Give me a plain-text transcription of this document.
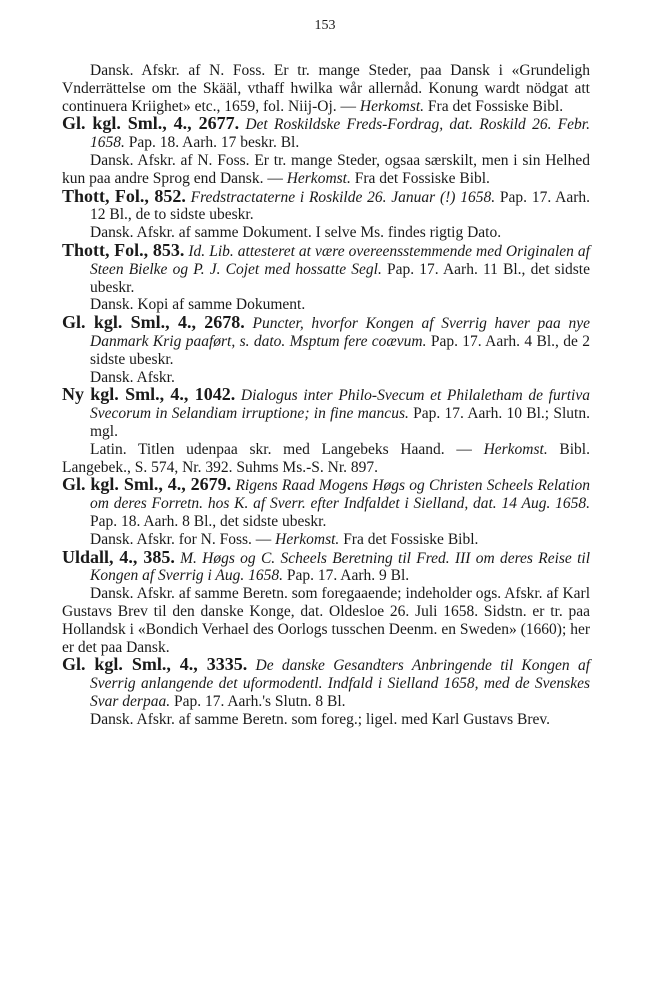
153

Dansk. Afskr. af N. Foss. Er tr. mange Steder, paa Dansk i «Grundeligh Vnderrättelse om the Skääl, vthaff hwilka wår allernåd. Konung wardt nödgat att continuera Kriighet» etc., 1659, fol. Niij-Oj. — Herkomst. Fra det Fossiske Bibl.

Gl. kgl. Sml., 4., 2677. Det Roskildske Freds-Fordrag, dat. Roskild 26. Febr. 1658. Pap. 18. Aarh. 17 beskr. Bl.

Dansk. Afskr. af N. Foss. Er tr. mange Steder, ogsaa særskilt, men i sin Helhed kun paa andre Sprog end Dansk. — Herkomst. Fra det Fossiske Bibl.

Thott, Fol., 852. Fredstractaterne i Roskilde 26. Januar (!) 1658. Pap. 17. Aarh. 12 Bl., de to sidste ubeskr.

Dansk. Afskr. af samme Dokument. I selve Ms. findes rigtig Dato.

Thott, Fol., 853. Id. Lib. attesteret at være overeensstemmende med Originalen af Steen Bielke og P. J. Cojet med hossatte Segl. Pap. 17. Aarh. 11 Bl., det sidste ubeskr.

Dansk. Kopi af samme Dokument.

Gl. kgl. Sml., 4., 2678. Puncter, hvorfor Kongen af Sverrig haver paa nye Danmark Krig paaført, s. dato. Msptum fere coævum. Pap. 17. Aarh. 4 Bl., de 2 sidste ubeskr.

Dansk. Afskr.

Ny kgl. Sml., 4., 1042. Dialogus inter Philo-Svecum et Philaletham de furtiva Svecorum in Selandiam irruptione; in fine mancus. Pap. 17. Aarh. 10 Bl.; Slutn. mgl.

Latin. Titlen udenpaa skr. med Langebeks Haand. — Herkomst. Bibl. Langebek., S. 574, Nr. 392. Suhms Ms.-S. Nr. 897.

Gl. kgl. Sml., 4., 2679. Rigens Raad Mogens Høgs og Christen Scheels Relation om deres Forretn. hos K. af Sverr. efter Indfaldet i Sielland, dat. 14 Aug. 1658. Pap. 18. Aarh. 8 Bl., det sidste ubeskr.

Dansk. Afskr. for N. Foss. — Herkomst. Fra det Fossiske Bibl.

Uldall, 4., 385. M. Høgs og C. Scheels Beretning til Fred. III om deres Reise til Kongen af Sverrig i Aug. 1658. Pap. 17. Aarh. 9 Bl.

Dansk. Afskr. af samme Beretn. som foregaaende; indeholder ogs. Afskr. af Karl Gustavs Brev til den danske Konge, dat. Oldesloe 26. Juli 1658. Sidstn. er tr. paa Hollandsk i «Bondich Verhael des Oorlogs tusschen Deenm. en Sweden» (1660); her er det paa Dansk.

Gl. kgl. Sml., 4., 3335. De danske Gesandters Anbringende til Kongen af Sverrig anlangende det uformodentl. Indfald i Sielland 1658, med de Svenskes Svar derpaa. Pap. 17. Aarh.'s Slutn. 8 Bl.

Dansk. Afskr. af samme Beretn. som foreg.; ligel. med Karl Gustavs Brev.
